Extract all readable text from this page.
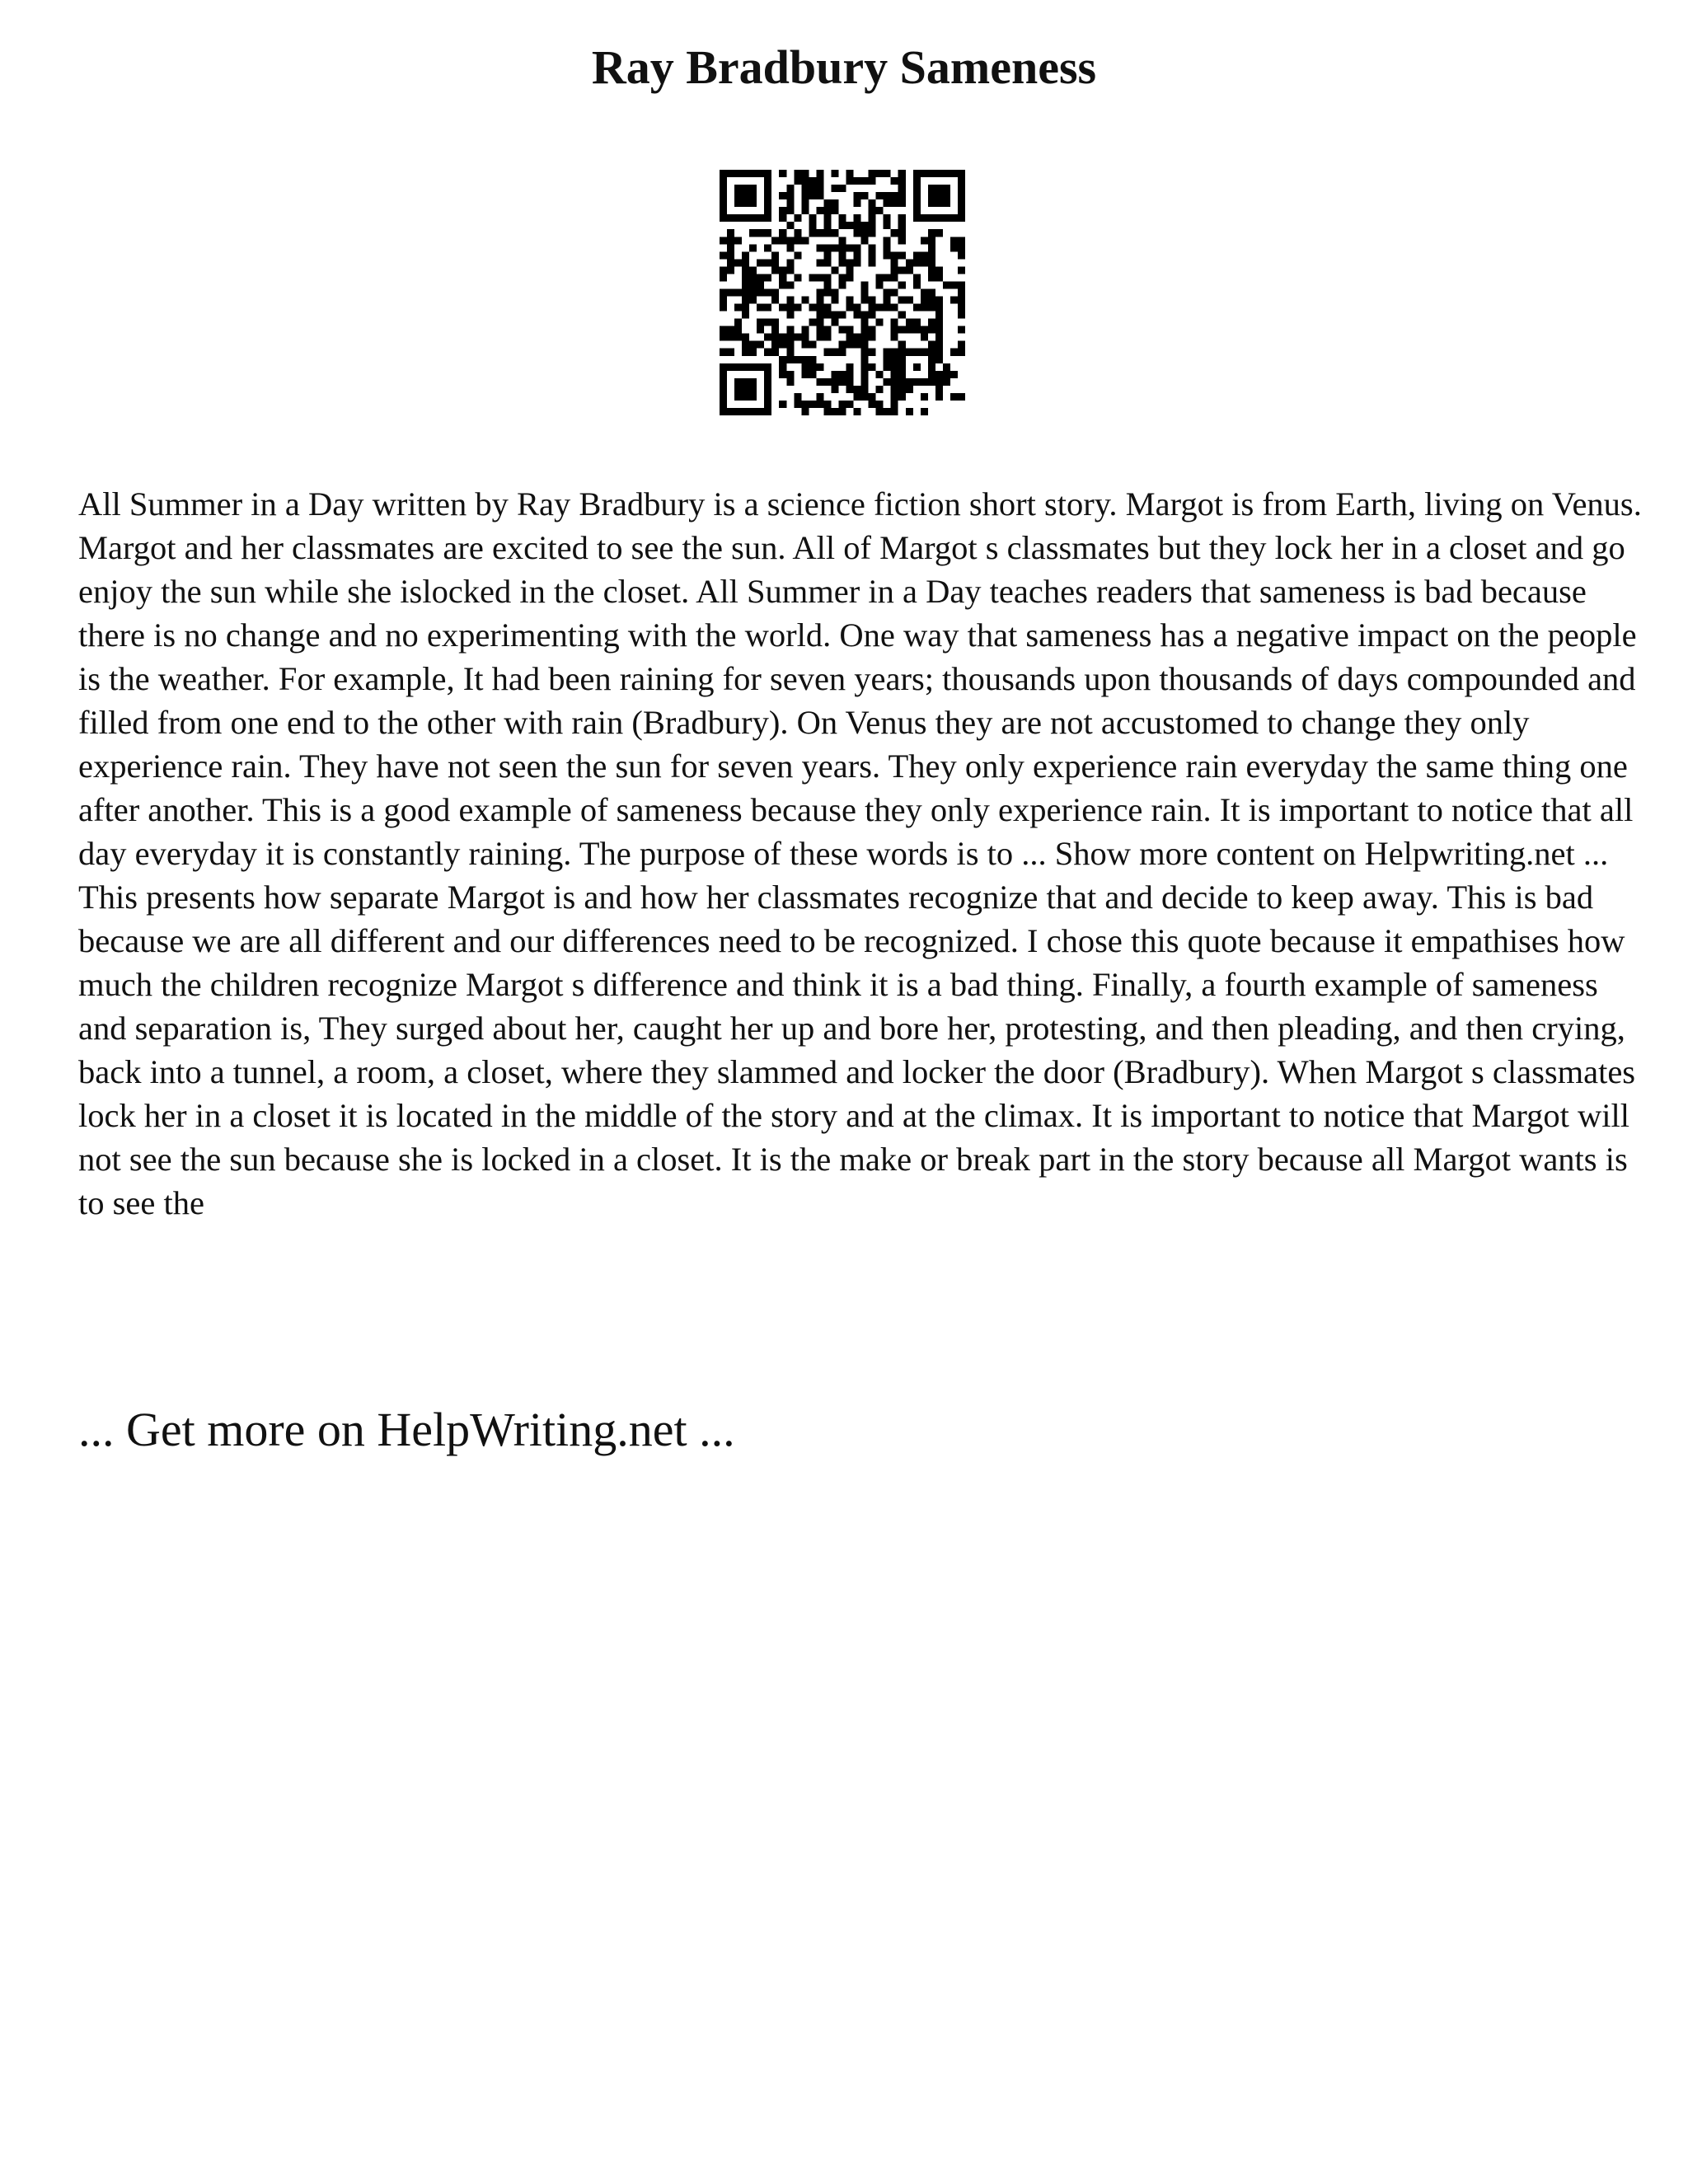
Ray Bradbury Sameness

All Summer in a Day written by Ray Bradbury is a science fiction short story. Margot is from Earth, living on Venus. Margot and her classmates are excited to see the sun. All of Margot s classmates but they lock her in a closet and go enjoy the sun while she islocked in the closet. All Summer in a Day teaches readers that sameness is bad because there is no change and no experimenting with the world. One way that sameness has a negative impact on the people is the weather. For example, It had been raining for seven years; thousands upon thousands of days compounded and filled from one end to the other with rain (Bradbury). On Venus they are not accustomed to change they only experience rain. They have not seen the sun for seven years. They only experience rain everyday the same thing one after another. This is a good example of sameness because they only experience rain. It is important to notice that all day everyday it is constantly raining. The purpose of these words is to ... Show more content on Helpwriting.net ...

This presents how separate Margot is and how her classmates recognize that and decide to keep away. This is bad because we are all different and our differences need to be recognized. I chose this quote because it empathises how much the children recognize Margot s difference and think it is a bad thing. Finally, a fourth example of sameness and separation is, They surged about her, caught her up and bore her, protesting, and then pleading, and then crying, back into a tunnel, a room, a closet, where they slammed and locker the door (Bradbury). When Margot s classmates lock her in a closet it is located in the middle of the story and at the climax. It is important to notice that Margot will not see the sun because she is locked in a closet. It is the make or break part in the story because all Margot wants is to see the

... Get more on HelpWriting.net ...
